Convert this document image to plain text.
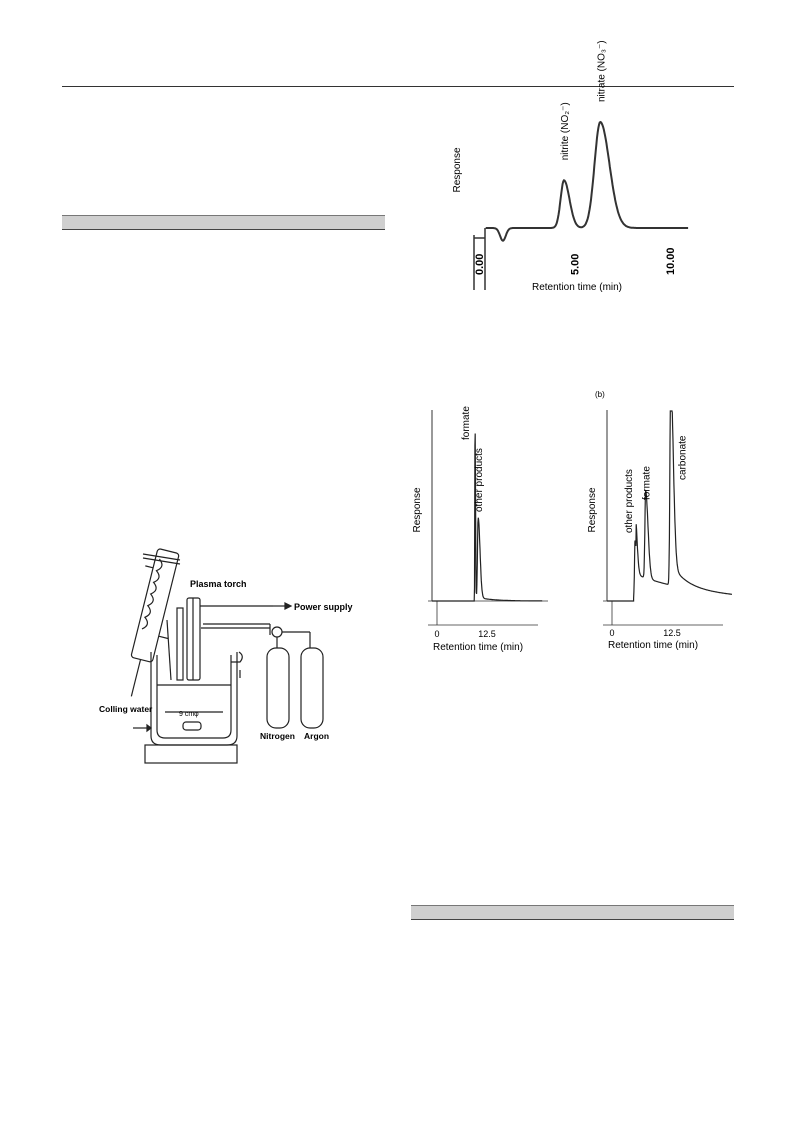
Plasma torch
Power supply
Colling water
9 cmφ
Nitrogen Argon
Response
Retention time (min)
0.00	5.00	10.00
nitrite (NO₂⁻)
nitrate (NO₃⁻)
Response
Retention time (min)
0	12.5
formate
other products
(b)
Response
Retention time (min)
0	12.5
other products formate
carbonate
